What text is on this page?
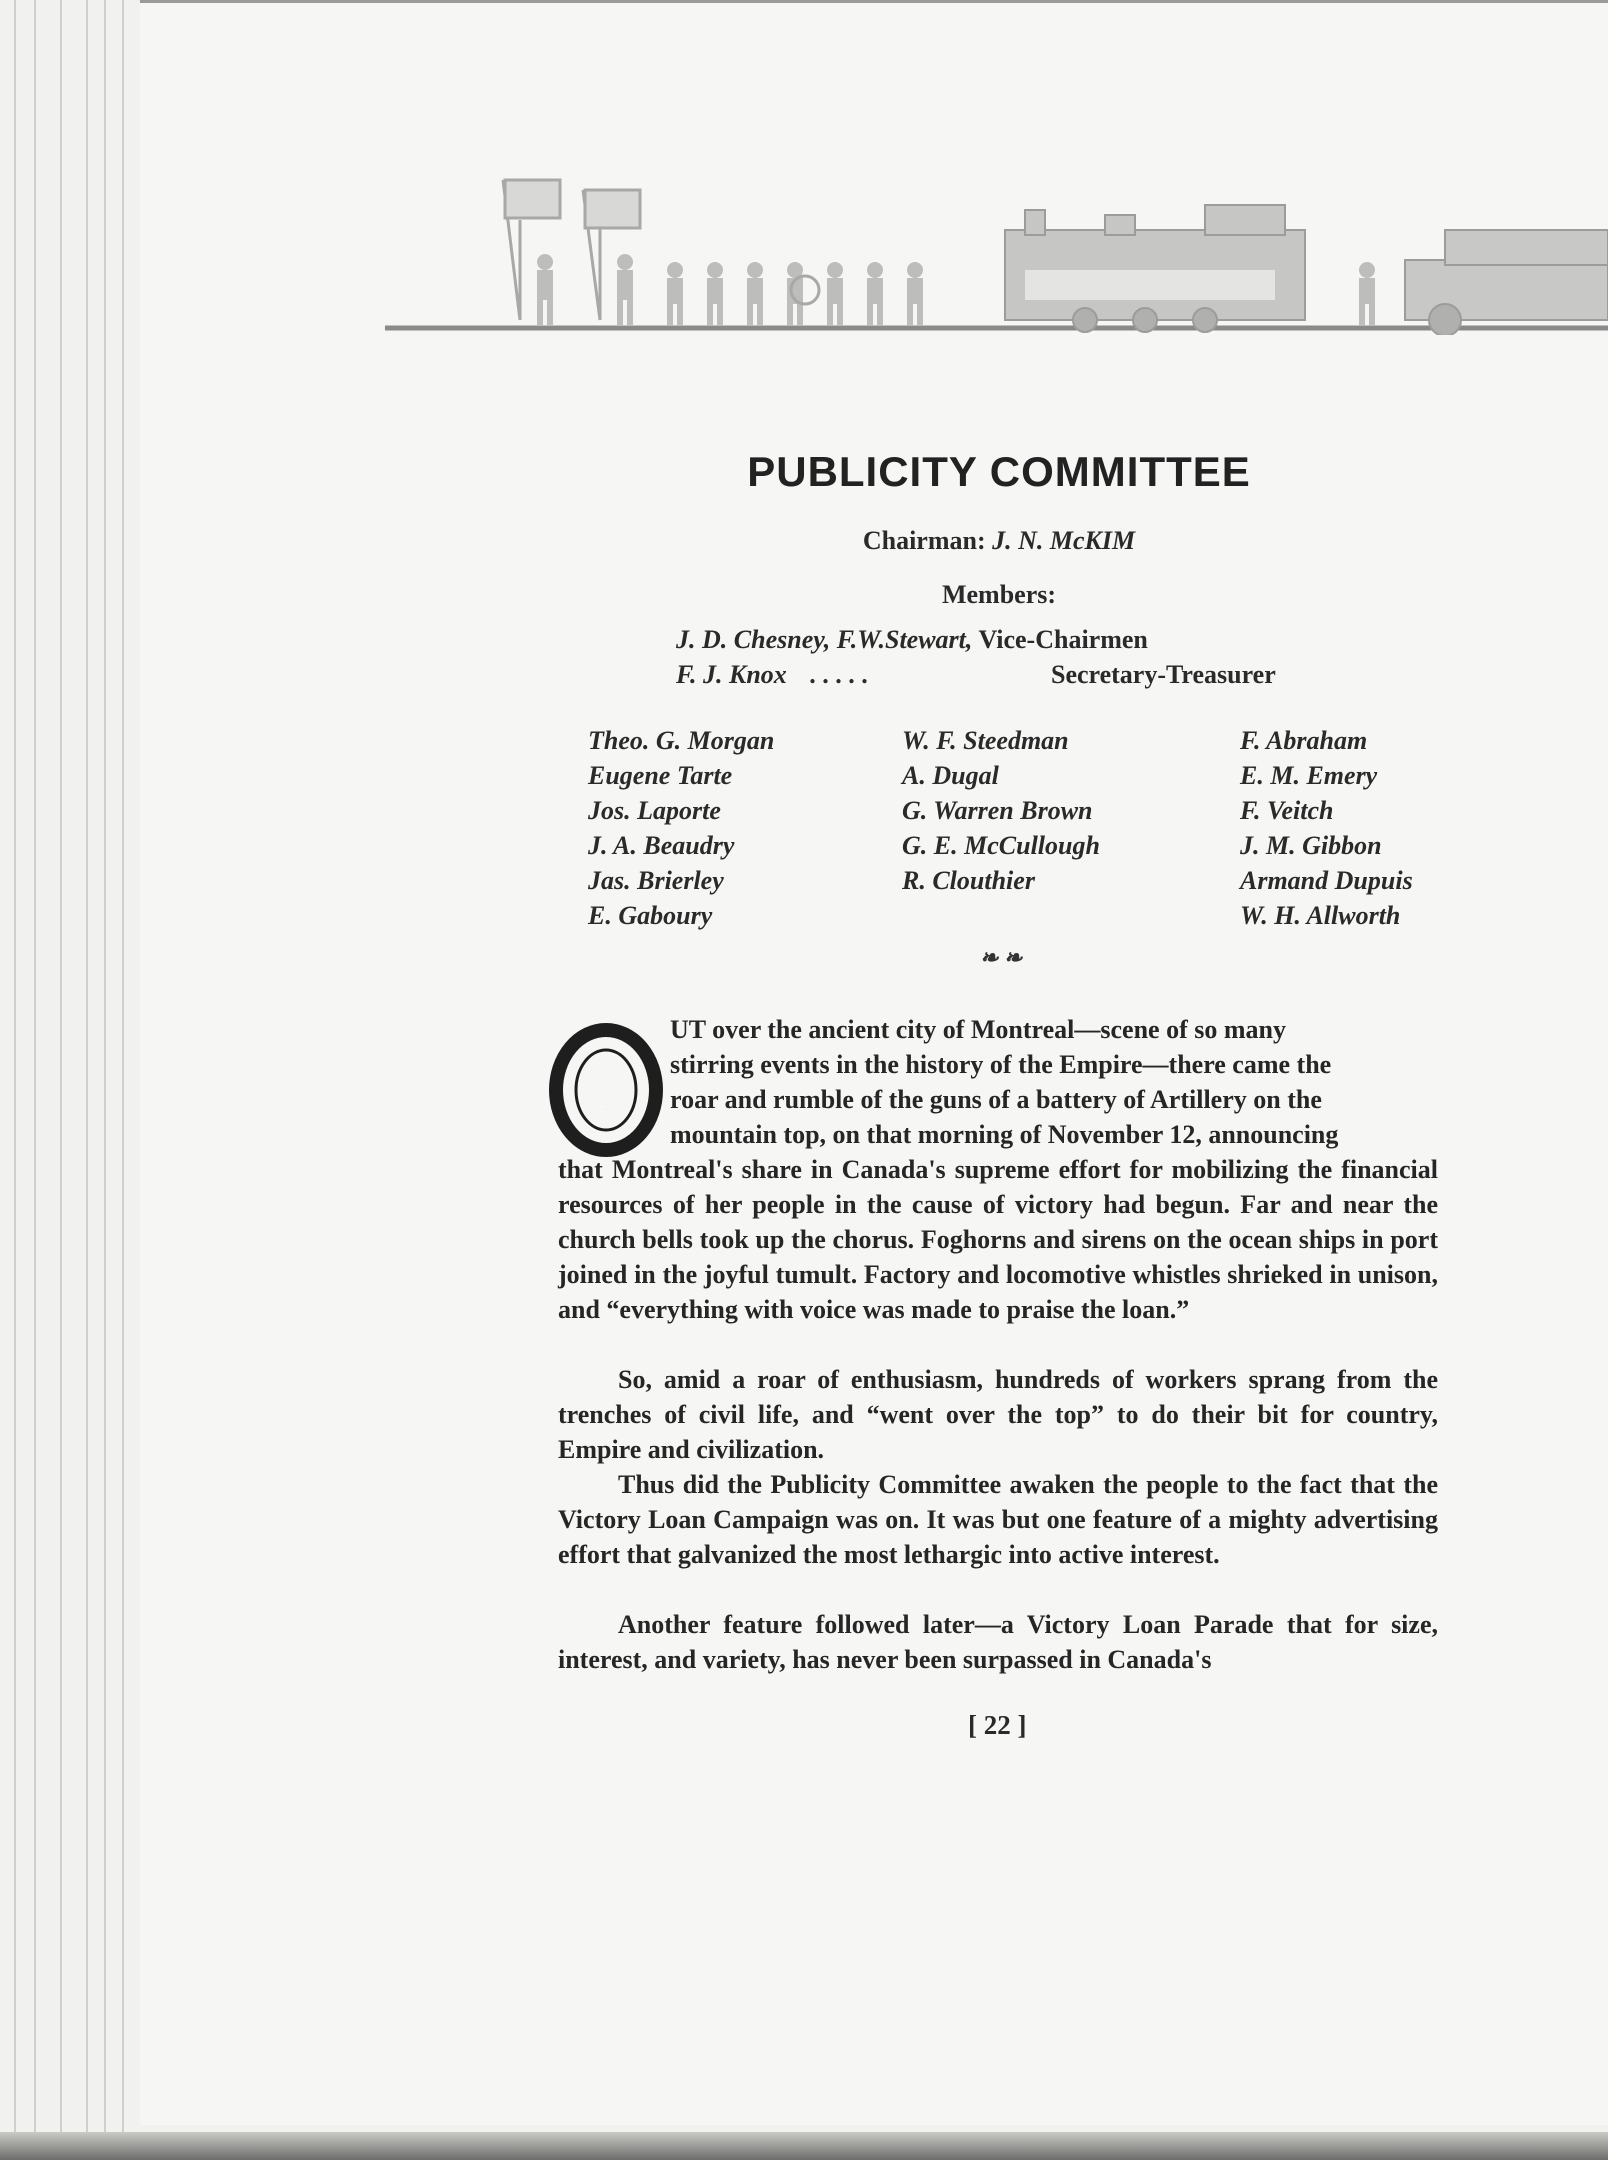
PUBLICITY COMMITTEE
Chairman: J. N. McKIM
Members:
J. D. Chesney, F.W.Stewart, Vice-Chairmen
F. J. Knox . . . . .	Secretary-Treasurer
Theo. G. Morgan
Eugene Tarte
Jos. Laporte
J. A. Beaudry
Jas. Brierley
E. Gaboury
W. F. Steedman
A. Dugal
G. Warren Brown
G. E. McCullough
R. Clouthier
F. Abraham
E. M. Emery
F. Veitch
J. M. Gibbon
Armand Dupuis
W. H. Allworth
❧ ❧
O
UT over the ancient city of Montreal—scene of so many
stirring events in the history of the Empire—there came the
roar and rumble of the guns of a battery of Artillery on the
mountain top, on that morning of November 12, announcing
that Montreal's share in Canada's supreme effort for mobilizing the financial resources of her people in the cause of victory had begun. Far and near the church bells took up the chorus. Foghorns and sirens on the ocean ships in port joined in the joyful tumult. Factory and locomotive whistles shrieked in unison, and “everything with voice was made to praise the loan.”
So, amid a roar of enthusiasm, hundreds of workers sprang from the trenches of civil life, and “went over the top” to do their bit for country, Empire and civilization.
Thus did the Publicity Committee awaken the people to the fact that the Victory Loan Campaign was on. It was but one feature of a mighty advertising effort that galvanized the most lethargic into active interest.
Another feature followed later—a Victory Loan Parade that for size, interest, and variety, has never been surpassed in Canada's
[ 22 ]
